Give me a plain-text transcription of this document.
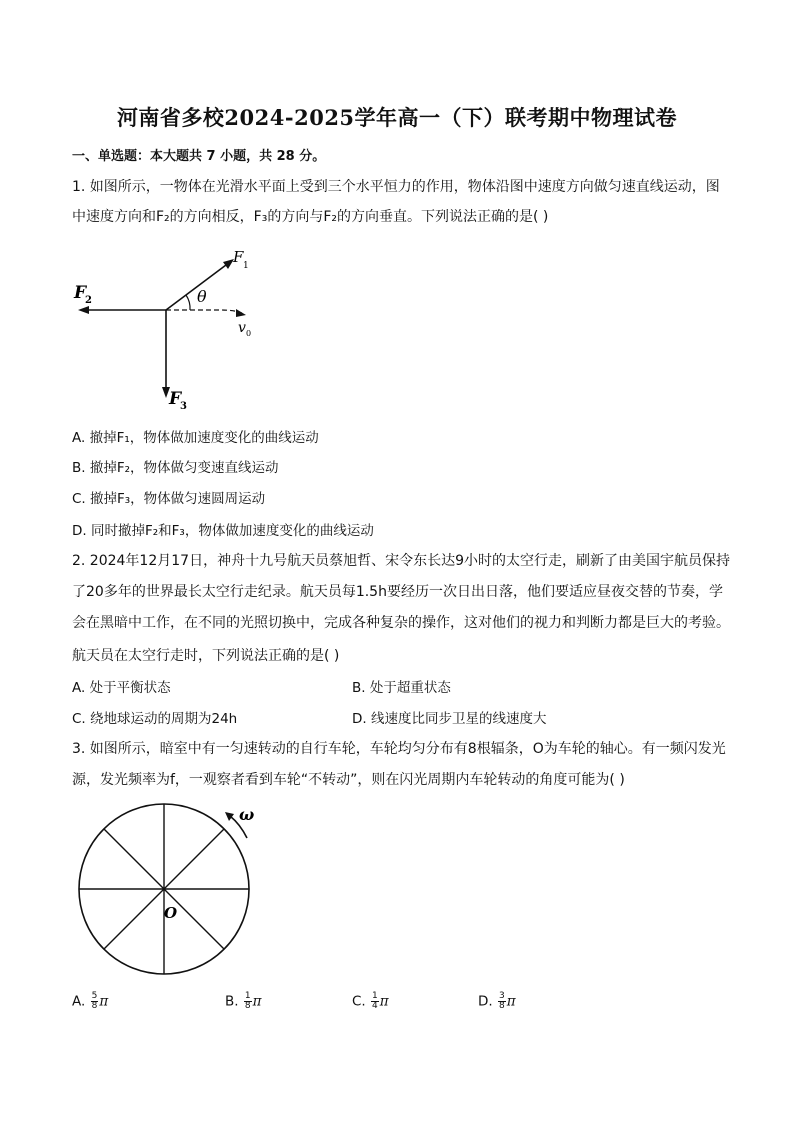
河南省多校2024-2025学年高一（下）联考期中物理试卷
一、单选题：本大题共 7 小题，共 28 分。
1. 如图所示，一物体在光滑水平面上受到三个水平恒力的作用，物体沿图中速度方向做匀速直线运动，图
中速度方向和F₂的方向相反，F₃的方向与F₂的方向垂直。下列说法正确的是( )
F
2
F
3
F 1
θ
v 0
A. 撤掉F₁，物体做加速度变化的曲线运动
B. 撤掉F₂，物体做匀变速直线运动
C. 撤掉F₃，物体做匀速圆周运动
D. 同时撤掉F₂和F₃，物体做加速度变化的曲线运动
2. 2024年12月17日，神舟十九号航天员蔡旭哲、宋令东长达9小时的太空行走，刷新了由美国宇航员保持
了20多年的世界最长太空行走纪录。航天员每1.5h要经历一次日出日落，他们要适应昼夜交替的节奏，学
会在黑暗中工作，在不同的光照切换中，完成各种复杂的操作，这对他们的视力和判断力都是巨大的考验。
航天员在太空行走时，下列说法正确的是( )
A. 处于平衡状态	B. 处于超重状态
C. 绕地球运动的周期为24h	D. 线速度比同步卫星的线速度大
3. 如图所示，暗室中有一匀速转动的自行车轮，车轮均匀分布有8根辐条，O为车轮的轴心。有一频闪发光
源，发光频率为f，一观察者看到车轮“不转动”，则在闪光周期内车轮转动的角度可能为( )
ω
O
A. $\frac{5}{8}$ π	B. $\frac{1}{8}$ π	C. $\frac{1}{4}$ π	D. $\frac{3}{8}$ π
